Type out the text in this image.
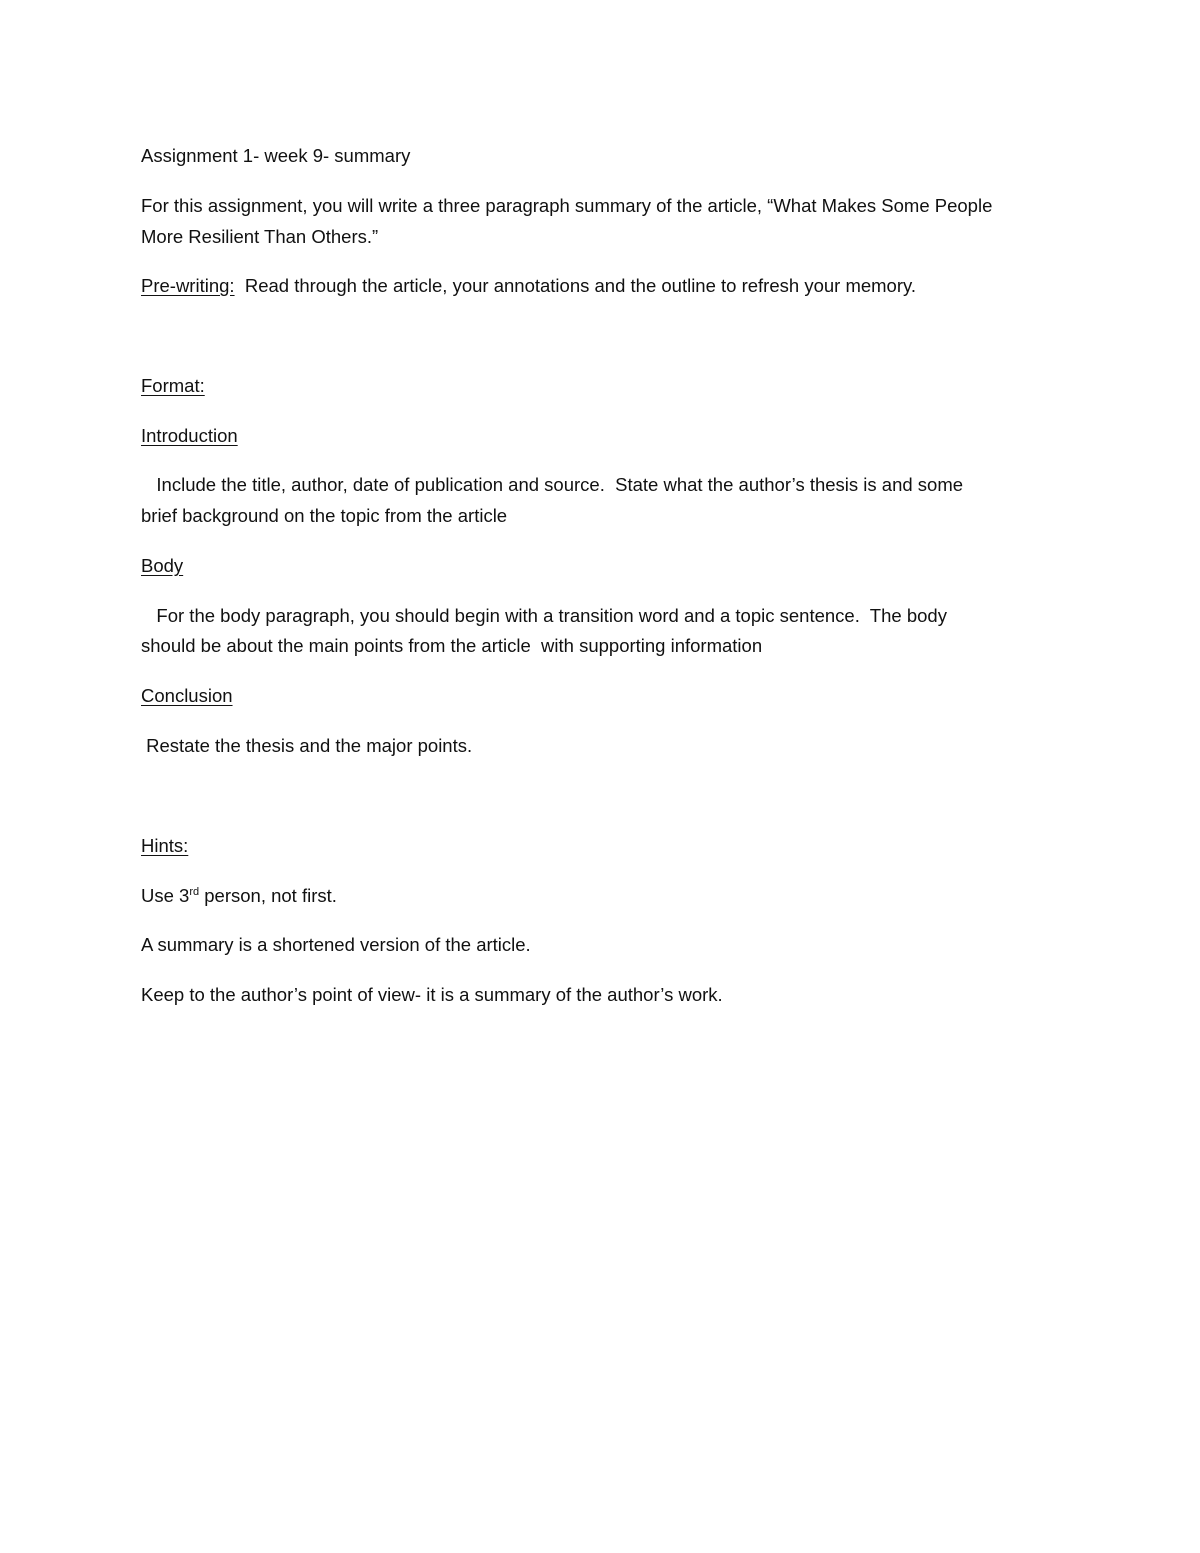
Assignment 1- week 9- summary
For this assignment, you will write a three paragraph summary of the article, “What Makes Some People
More Resilient Than Others.”
Pre-writing:  Read through the article, your annotations and the outline to refresh your memory.
Format:
Introduction
Include the title, author, date of publication and source.  State what the author’s thesis is and some
brief background on the topic from the article
Body
For the body paragraph, you should begin with a transition word and a topic sentence.  The body
should be about the main points from the article  with supporting information
Conclusion
Restate the thesis and the major points.
Hints:
Use 3rd person, not first.
A summary is a shortened version of the article.
Keep to the author’s point of view- it is a summary of the author’s work.
